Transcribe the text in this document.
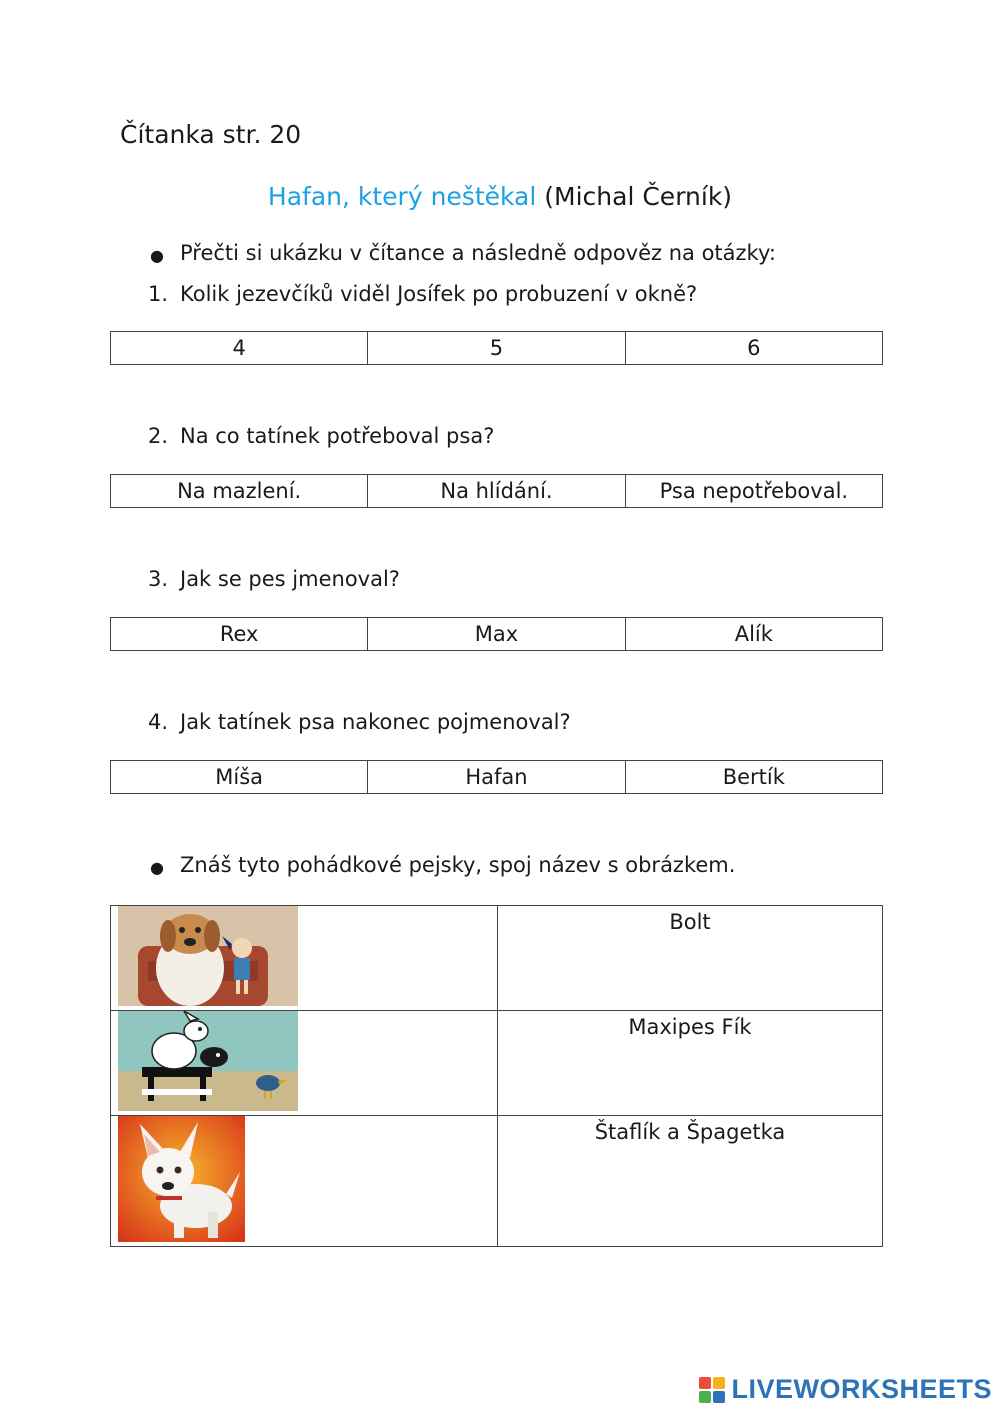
Čítanka str. 20
Hafan, který neštěkal (Michal Černík)
● Přečti si ukázku v čítance a následně odpověz na otázky:
1. Kolik jezevčíků viděl Josífek po probuzení v okně?
4	5	6
2. Na co tatínek potřeboval psa?
Na mazlení.	Na hlídání.	Psa nepotřeboval.
3. Jak se pes jmenoval?
Rex	Max	Alík
4. Jak tatínek psa nakonec pojmenoval?
Míša	Hafan	Bertík
● Znáš tyto pohádkové pejsky, spoj název s obrázkem.
	Bolt

	Maxipes Fík

	Štaflík a Špagetka
LIVEWORKSHEETS
